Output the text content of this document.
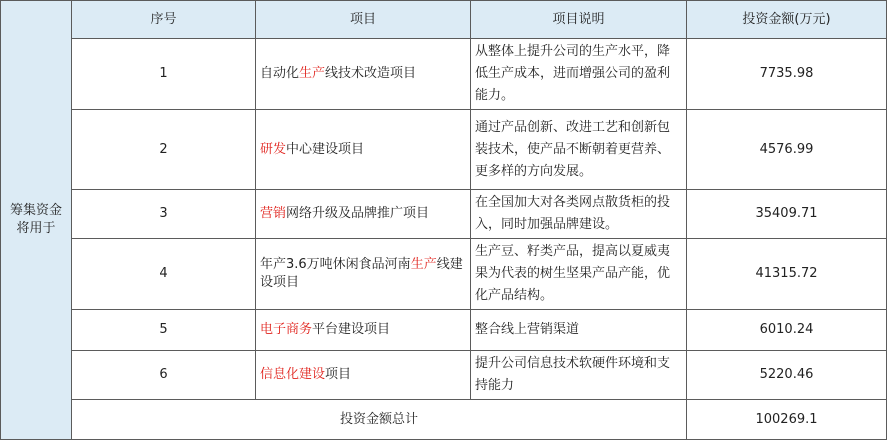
筹集资金
将用于	序号	项目	项目说明	投资金额(万元)
	1	自动化生产线技术改造项目	从整体上提升公司的生产水平，降低生产成本，进而增强公司的盈利能力。	7735.98
	2	研发中心建设项目	通过产品创新、改进工艺和创新包装技术，使产品不断朝着更营养、更多样的方向发展。	4576.99
	3	营销网络升级及品牌推广项目	在全国加大对各类网点散货柜的投入，同时加强品牌建设。	35409.71
	4	年产3.6万吨休闲食品河南生产线建设项目	生产豆、籽类产品，提高以夏威夷果为代表的树生坚果产品产能，优化产品结构。	41315.72
	5	电子商务平台建设项目	整合线上营销渠道	6010.24
	6	信息化建设项目	提升公司信息技术软硬件环境和支持能力	5220.46
	投资金额总计			100269.1
